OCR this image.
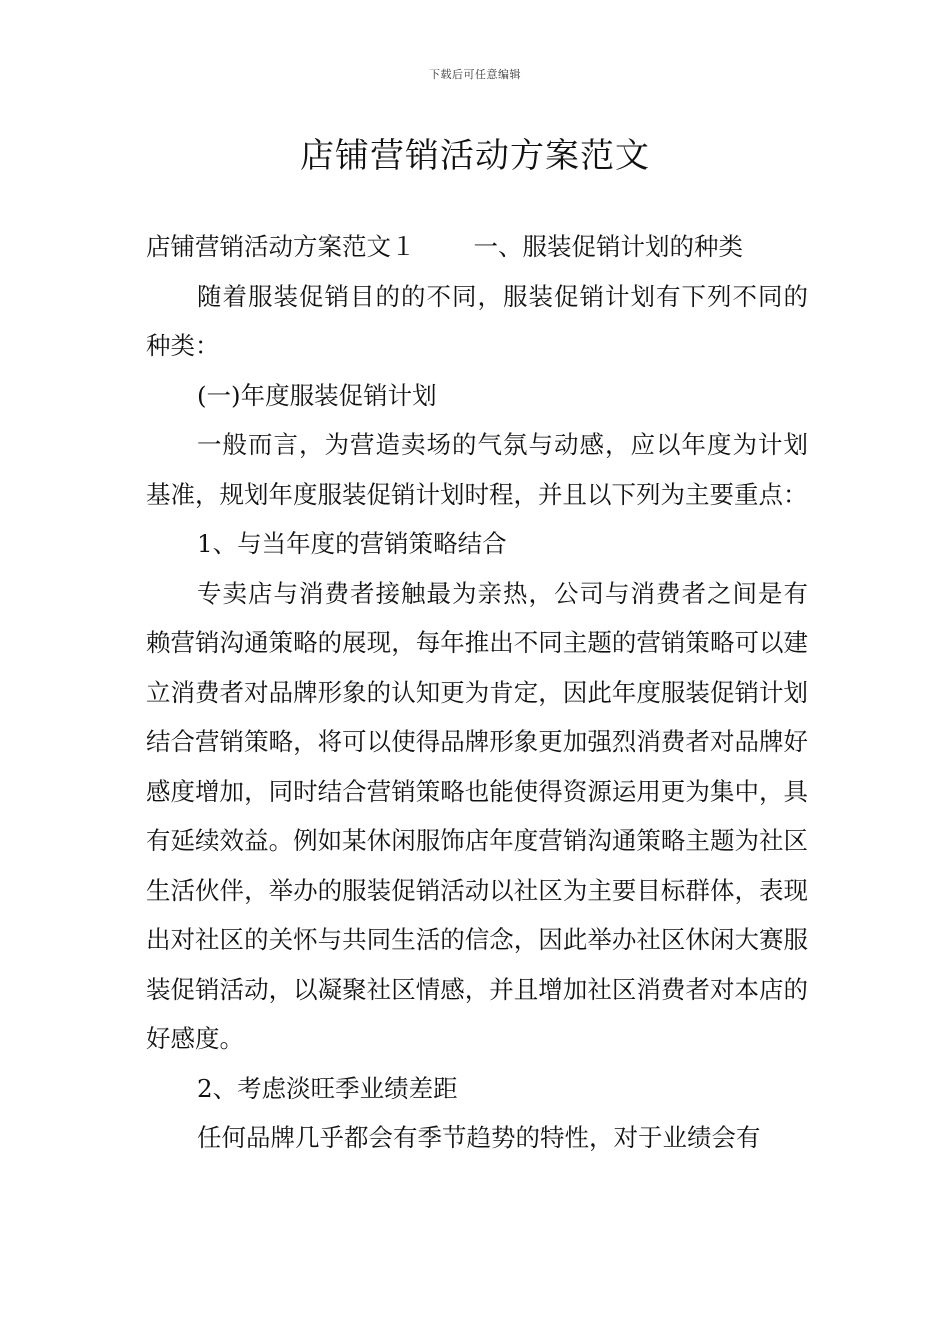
下载后可任意编辑
店铺营销活动方案范文

店铺营销活动方案范文１ 一、服装促销计划的种类

随着服装促销目的的不同，服装促销计划有下列不同的种类：

(一)年度服装促销计划

一般而言，为营造卖场的气氛与动感，应以年度为计划基准，规划年度服装促销计划时程，并且以下列为主要重点：

1、与当年度的营销策略结合

专卖店与消费者接触最为亲热，公司与消费者之间是有赖营销沟通策略的展现，每年推出不同主题的营销策略可以建立消费者对品牌形象的认知更为肯定，因此年度服装促销计划结合营销策略，将可以使得品牌形象更加强烈消费者对品牌好感度增加，同时结合营销策略也能使得资源运用更为集中，具有延续效益。例如某休闲服饰店年度营销沟通策略主题为社区生活伙伴，举办的服装促销活动以社区为主要目标群体，表现出对社区的关怀与共同生活的信念，因此举办社区休闲大赛服装促销活动，以凝聚社区情感，并且增加社区消费者对本店的好感度。

2、考虑淡旺季业绩差距

任何品牌几乎都会有季节趋势的特性，对于业绩会有
